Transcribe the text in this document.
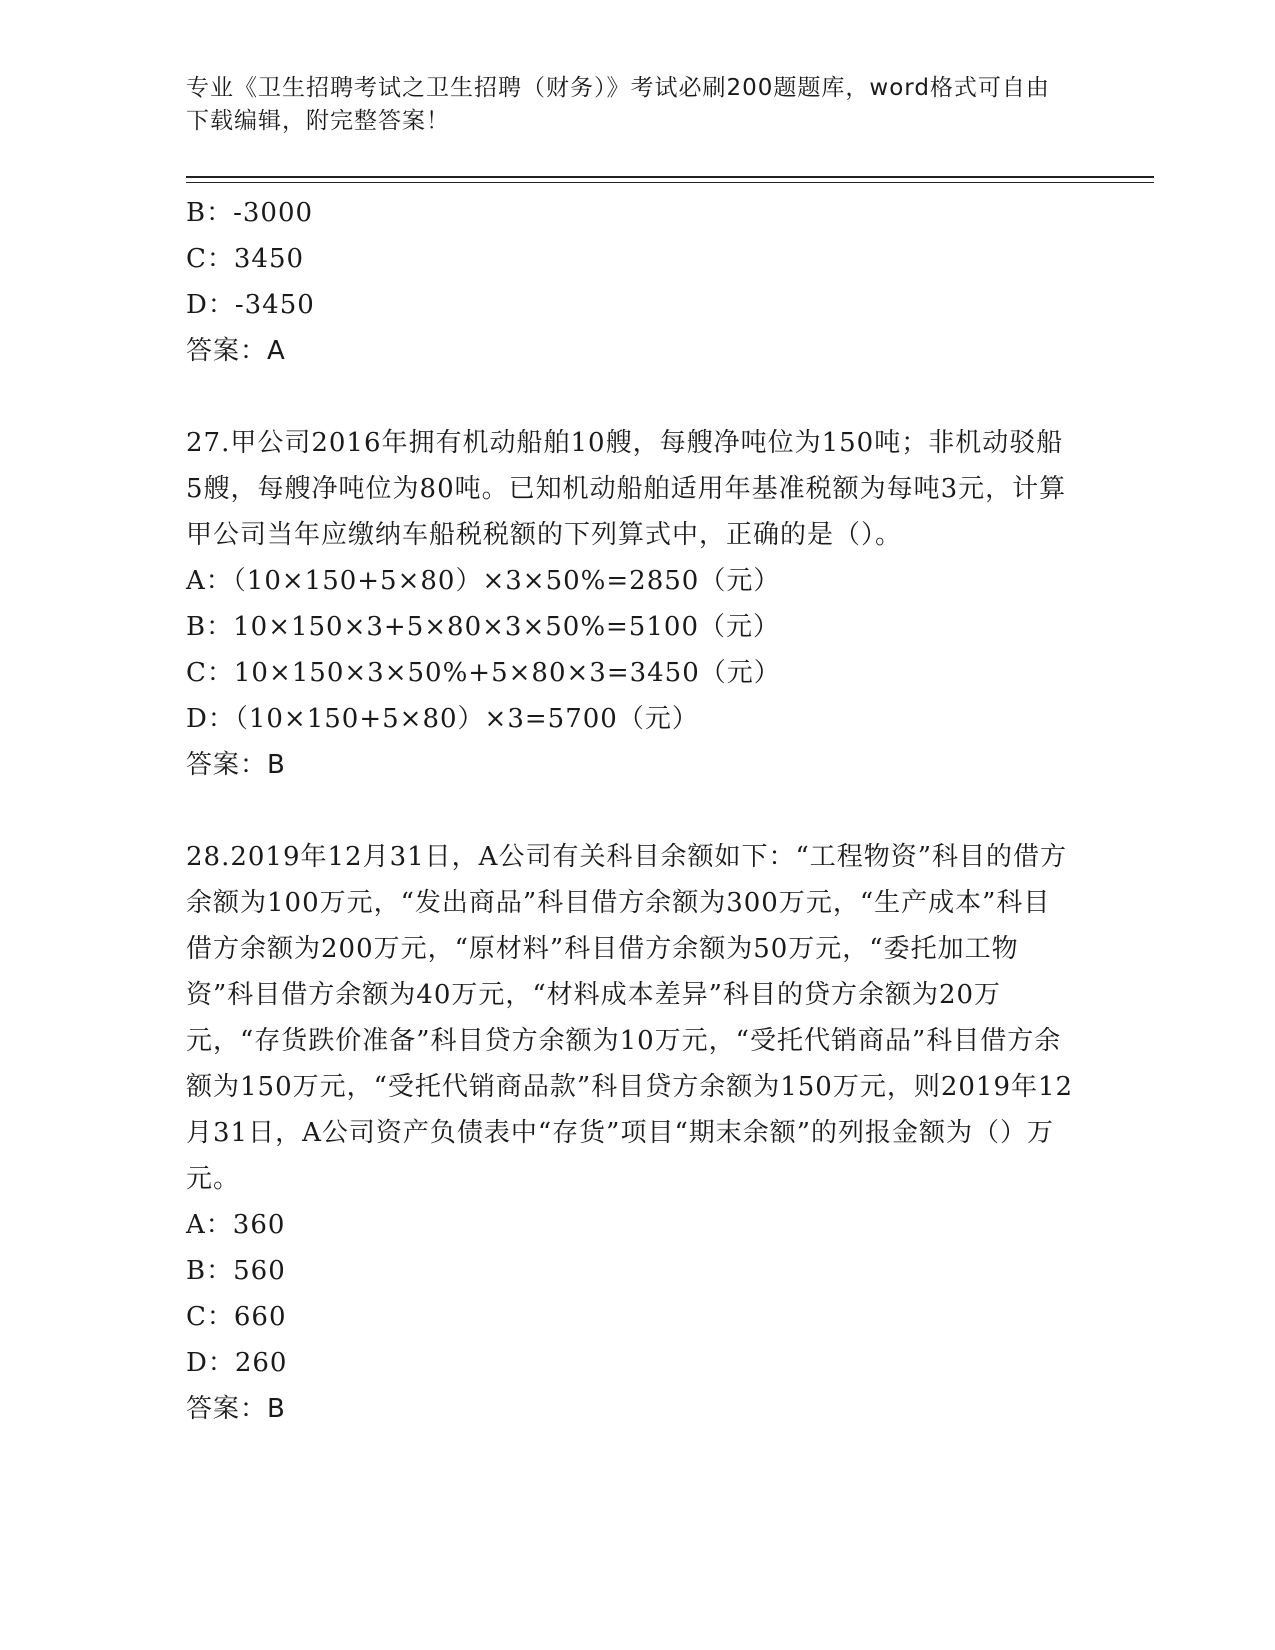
专业《卫生招聘考试之卫生招聘（财务）》考试必刷200题题库，word格式可自由下载编辑，附完整答案！
B：-3000
C：3450
D：-3450
答案：A
27.甲公司2016年拥有机动船舶10艘，每艘净吨位为150吨；非机动驳船5艘，每艘净吨位为80吨。已知机动船舶适用年基准税额为每吨3元，计算甲公司当年应缴纳车船税税额的下列算式中，正确的是（）。
A：（10×150+5×80）×3×50%=2850（元）
B：10×150×3+5×80×3×50%=5100（元）
C：10×150×3×50%+5×80×3=3450（元）
D：（10×150+5×80）×3=5700（元）
答案：B
28.2019年12月31日，A公司有关科目余额如下：“工程物资”科目的借方余额为100万元，“发出商品”科目借方余额为300万元，“生产成本”科目借方余额为200万元，“原材料”科目借方余额为50万元，“委托加工物资”科目借方余额为40万元，“材料成本差异”科目的贷方余额为20万元，“存货跌价准备”科目贷方余额为10万元，“受托代销商品”科目借方余额为150万元，“受托代销商品款”科目贷方余额为150万元，则2019年12月31日，A公司资产负债表中“存货”项目“期末余额”的列报金额为（）万元。
A：360
B：560
C：660
D：260
答案：B
